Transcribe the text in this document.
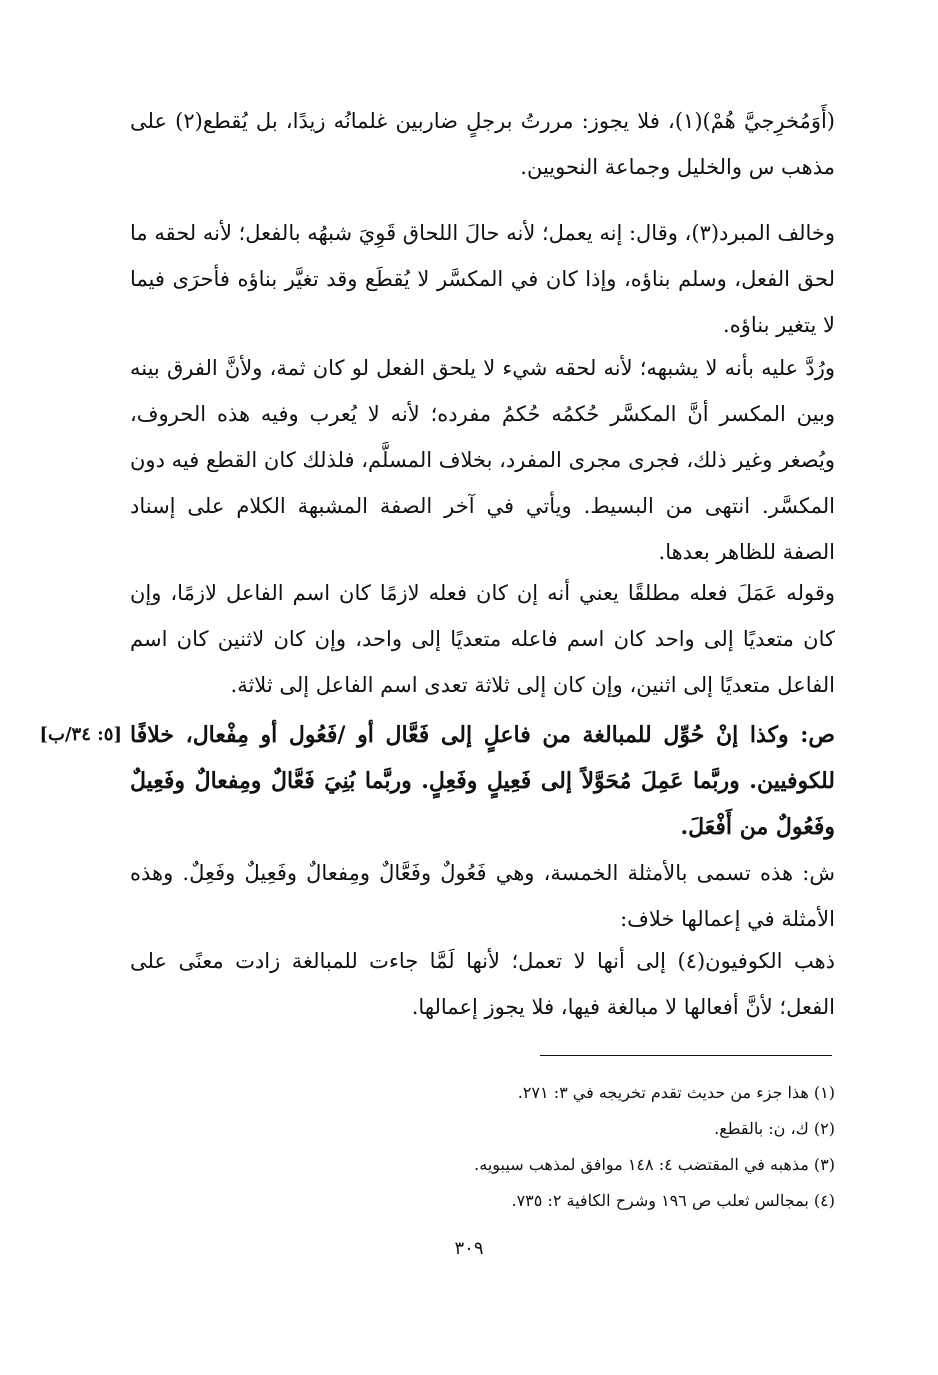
(أَوَمُخرِجيَّ هُمْ)(١)، فلا يجوز: مررتُ برجلٍ ضاربين غلمانُه زيدًا، بل يُقطع(٢) على مذهب س والخليل وجماعة النحويين.

وخالف المبرد(٣)، وقال: إنه يعمل؛ لأنه حالَ اللحاق قَوِيَ شبهُه بالفعل؛ لأنه لحقه ما لحق الفعل، وسلم بناؤه، وإذا كان في المكسَّر لا يُقطَع وقد تغيَّر بناؤه فأحرَى فيما لا يتغير بناؤه.

ورُدَّ عليه بأنه لا يشبهه؛ لأنه لحقه شيء لا يلحق الفعل لو كان ثمة، ولأنَّ الفرق بينه وبين المكسر أنَّ المكسَّر حُكمُه حُكمُ مفرده؛ لأنه لا يُعرب وفيه هذه الحروف، ويُصغر وغير ذلك، فجرى مجرى المفرد، بخلاف المسلَّم، فلذلك كان القطع فيه دون المكسَّر. انتهى من البسيط. ويأتي في آخر الصفة المشبهة الكلام على إسناد الصفة للظاهر بعدها.

وقوله عَمَلَ فعله مطلقًا يعني أنه إن كان فعله لازمًا كان اسم الفاعل لازمًا، وإن كان متعديًا إلى واحد كان اسم فاعله متعديًا إلى واحد، وإن كان لاثنين كان اسم الفاعل متعديًا إلى اثنين، وإن كان إلى ثلاثة تعدى اسم الفاعل إلى ثلاثة.

[٥: ٣٤/ب] ص: وكذا إنْ حُوِّل للمبالغة من فاعلٍ إلى فَعَّال أو /فَعُول أو مِفْعال، خلافًا للكوفيين. وربَّما عَمِلَ مُحَوَّلاً إلى فَعِيلٍ وفَعِلٍ. وربَّما بُنِيَ فَعَّالٌ ومِفعالٌ وفَعِيلٌ وفَعُولٌ من أَفْعَلَ.

ش: هذه تسمى بالأمثلة الخمسة، وهي فَعُولٌ وفَعَّالٌ ومِفعالٌ وفَعِيلٌ وفَعِلٌ. وهذه الأمثلة في إعمالها خلاف:

ذهب الكوفيون(٤) إلى أنها لا تعمل؛ لأنها لَمَّا جاءت للمبالغة زادت معنًى على الفعل؛ لأنَّ أفعالها لا مبالغة فيها، فلا يجوز إعمالها.

(١) هذا جزء من حديث تقدم تخريجه في ٣: ٢٧١.
(٢) ك، ن: بالقطع.
(٣) مذهبه في المقتضب ٤: ١٤٨ موافق لمذهب سيبويه.
(٤) بمجالس ثعلب ص ١٩٦ وشرح الكافية ٢: ٧٣٥.
٣٠٩
